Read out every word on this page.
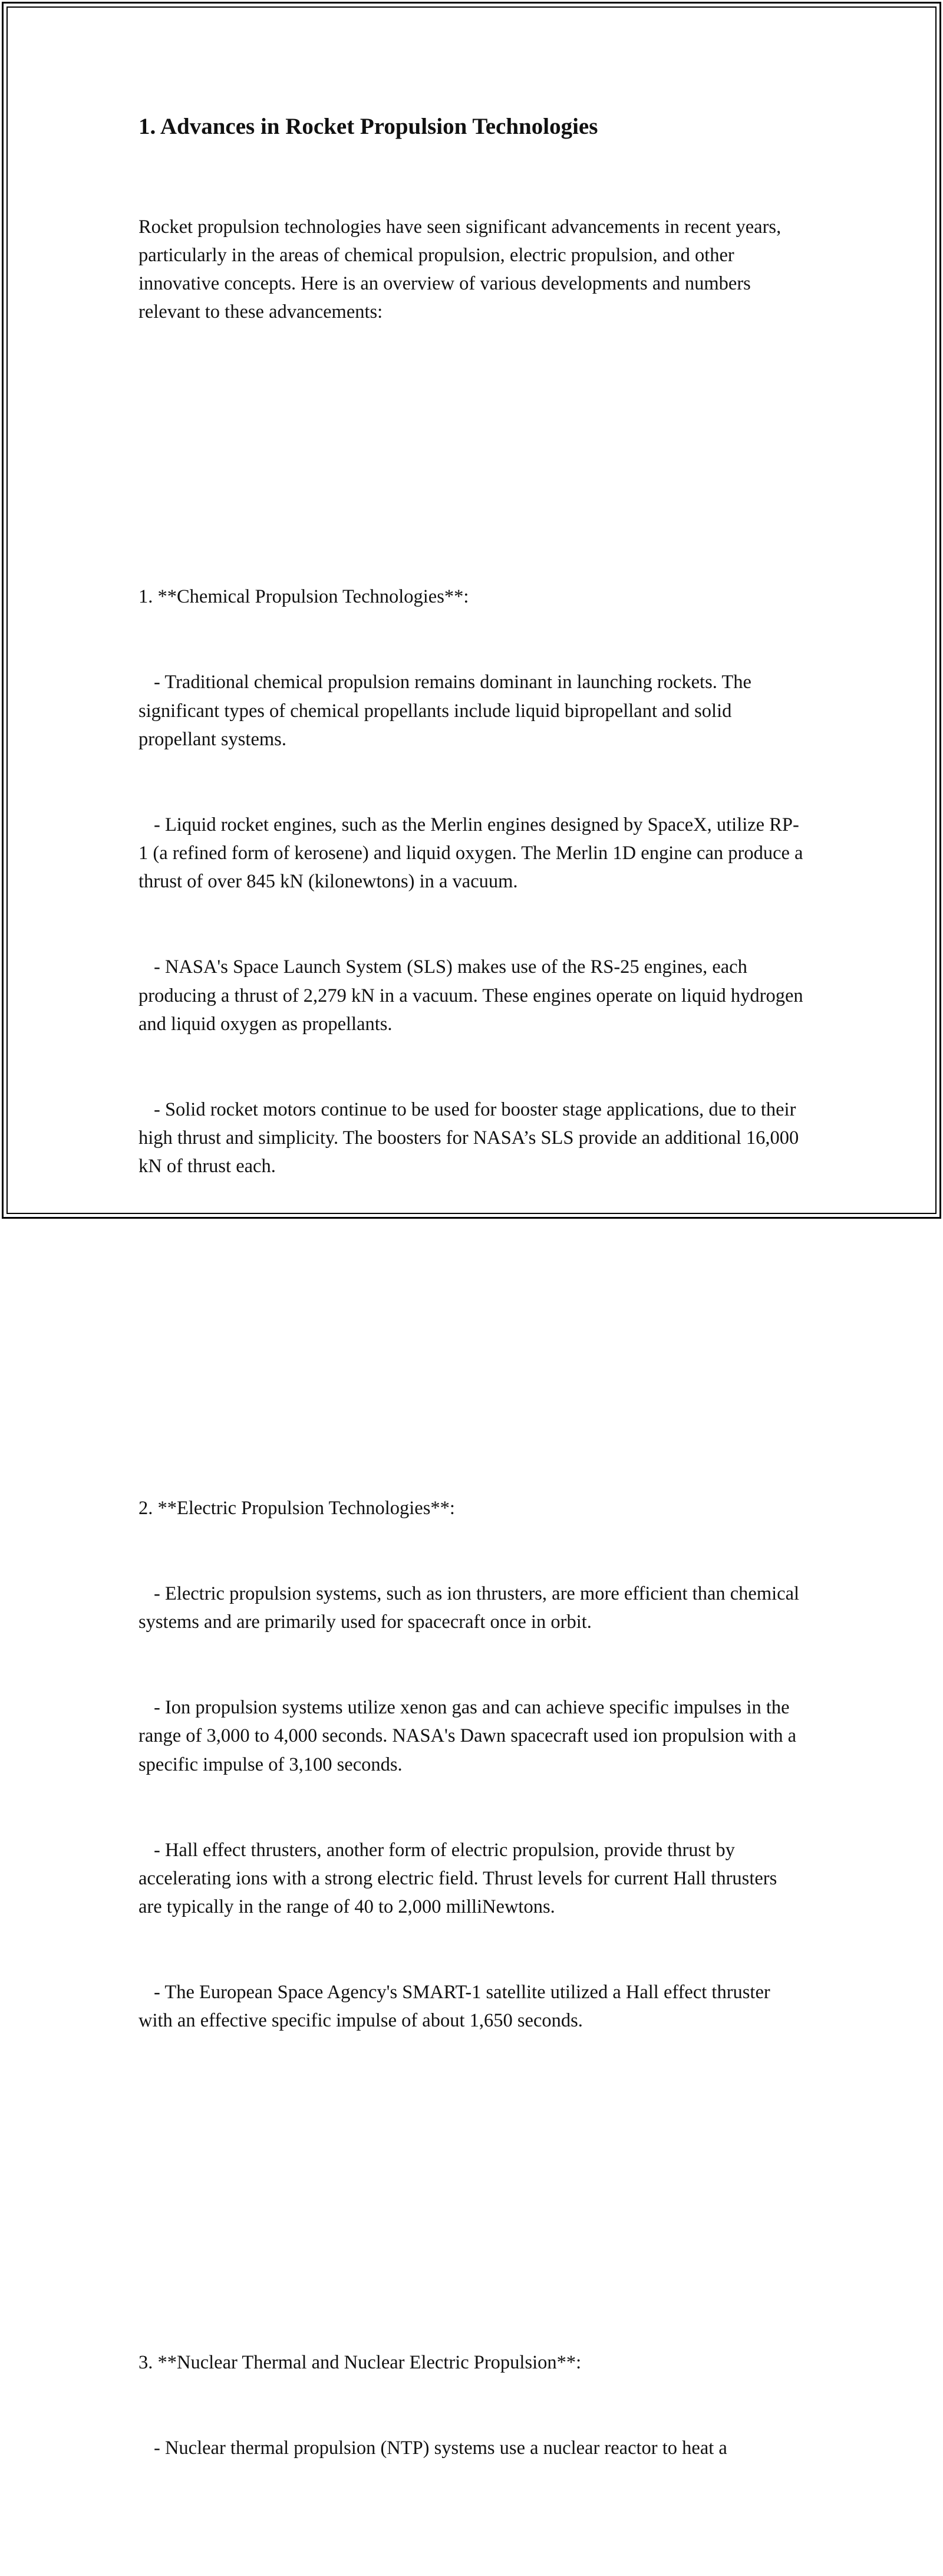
1. Advances in Rocket Propulsion Technologies

Rocket propulsion technologies have seen significant advancements in recent years, particularly in the areas of chemical propulsion, electric propulsion, and other innovative concepts. Here is an overview of various developments and numbers relevant to these advancements:

1. **Chemical Propulsion Technologies**:

- Traditional chemical propulsion remains dominant in launching rockets. The significant types of chemical propellants include liquid bipropellant and solid propellant systems.

- Liquid rocket engines, such as the Merlin engines designed by SpaceX, utilize RP-1 (a refined form of kerosene) and liquid oxygen. The Merlin 1D engine can produce a thrust of over 845 kN (kilonewtons) in a vacuum.

- NASA's Space Launch System (SLS) makes use of the RS-25 engines, each producing a thrust of 2,279 kN in a vacuum. These engines operate on liquid hydrogen and liquid oxygen as propellants.

- Solid rocket motors continue to be used for booster stage applications, due to their high thrust and simplicity. The boosters for NASA’s SLS provide an additional 16,000 kN of thrust each.

2. **Electric Propulsion Technologies**:

- Electric propulsion systems, such as ion thrusters, are more efficient than chemical systems and are primarily used for spacecraft once in orbit.

- Ion propulsion systems utilize xenon gas and can achieve specific impulses in the range of 3,000 to 4,000 seconds. NASA's Dawn spacecraft used ion propulsion with a specific impulse of 3,100 seconds.

- Hall effect thrusters, another form of electric propulsion, provide thrust by accelerating ions with a strong electric field. Thrust levels for current Hall thrusters are typically in the range of 40 to 2,000 milliNewtons.

- The European Space Agency's SMART-1 satellite utilized a Hall effect thruster with an effective specific impulse of about 1,650 seconds.

3. **Nuclear Thermal and Nuclear Electric Propulsion**:

- Nuclear thermal propulsion (NTP) systems use a nuclear reactor to heat a
